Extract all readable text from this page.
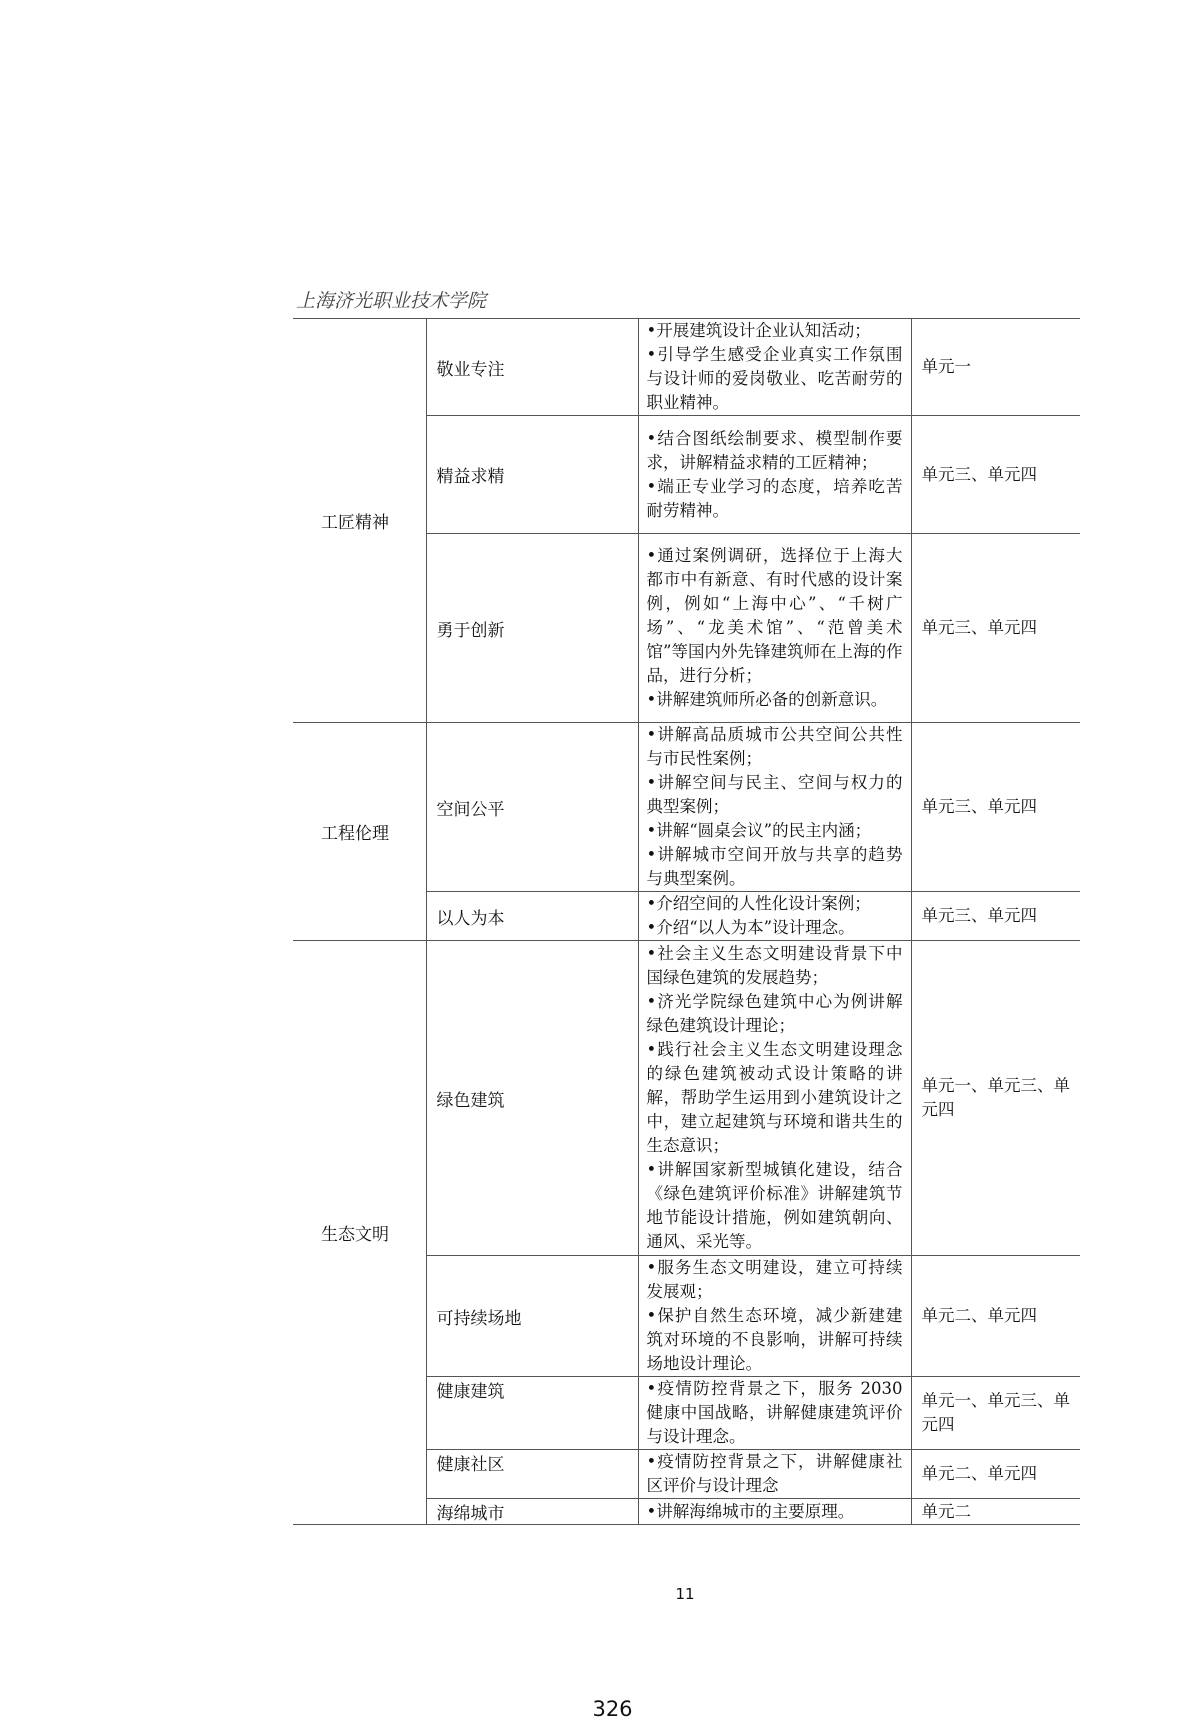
上海济光职业技术学院
工匠精神	敬业专注	•开展建筑设计企业认知活动；
•引导学生感受企业真实工作氛围与设计师的爱岗敬业、吃苦耐劳的职业精神。	单元一
	精益求精	•结合图纸绘制要求、模型制作要求，讲解精益求精的工匠精神；
•端正专业学习的态度，培养吃苦耐劳精神。	单元三、单元四
	勇于创新	•通过案例调研，选择位于上海大都市中有新意、有时代感的设计案例，例如“上海中心”、“千树广场”、“龙美术馆”、“范曾美术馆”等国内外先锋建筑师在上海的作品，进行分析；
•讲解建筑师所必备的创新意识。	单元三、单元四
工程伦理	空间公平	•讲解高品质城市公共空间公共性与市民性案例；
•讲解空间与民主、空间与权力的典型案例；
•讲解“圆桌会议”的民主内涵；
•讲解城市空间开放与共享的趋势与典型案例。	单元三、单元四
	以人为本	•介绍空间的人性化设计案例；
•介绍“以人为本”设计理念。	单元三、单元四
生态文明	绿色建筑	•社会主义生态文明建设背景下中国绿色建筑的发展趋势；
•济光学院绿色建筑中心为例讲解绿色建筑设计理论；
•践行社会主义生态文明建设理念的绿色建筑被动式设计策略的讲解，帮助学生运用到小建筑设计之中，建立起建筑与环境和谐共生的生态意识；
•讲解国家新型城镇化建设，结合《绿色建筑评价标准》讲解建筑节地节能设计措施，例如建筑朝向、通风、采光等。	单元一、单元三、单元四
	可持续场地	•服务生态文明建设，建立可持续发展观；
•保护自然生态环境，减少新建建筑对环境的不良影响，讲解可持续场地设计理论。	单元二、单元四
	健康建筑	•疫情防控背景之下，服务 2030 健康中国战略，讲解健康建筑评价与设计理念。	单元一、单元三、单元四
	健康社区	•疫情防控背景之下，讲解健康社区评价与设计理念	单元二、单元四
	海绵城市	•讲解海绵城市的主要原理。	单元二
11
326
